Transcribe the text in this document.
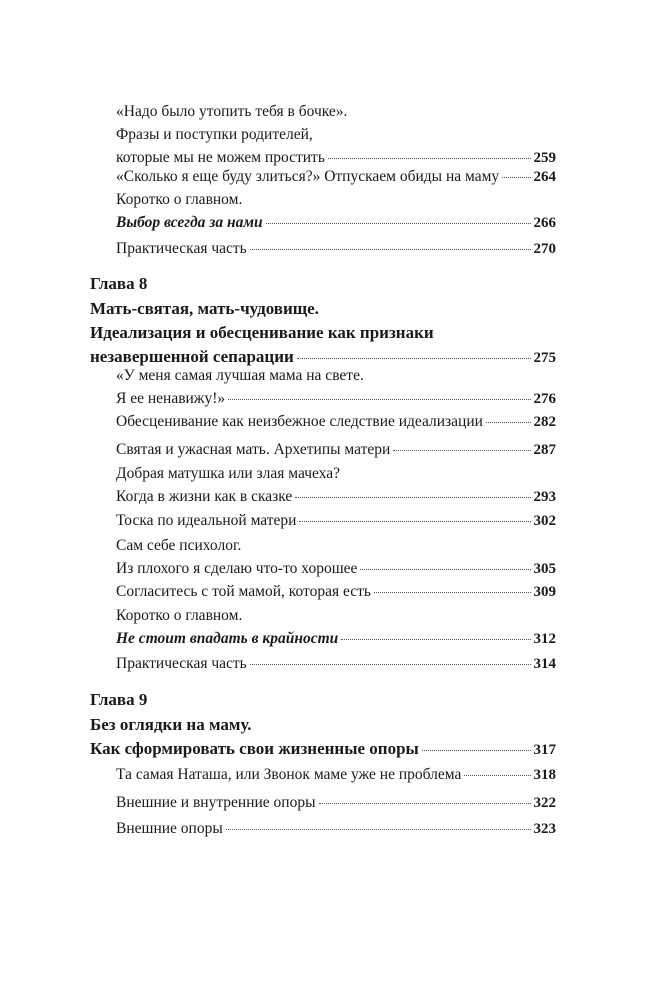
«Надо было утопить тебя в бочке».
Фразы и поступки родителей,
которые мы не можем простить	259
«Сколько я еще буду злиться?» Отпускаем обиды на маму 264
Коротко о главном.
Выбор всегда за нами	266
Практическая часть	270
Глава 8
Мать-святая, мать-чудовище.
Идеализация и обесценивание как признаки
незавершенной сепарации	275
«У меня самая лучшая мама на свете.
Я ее ненавижу!»	276
Обесценивание как неизбежное следствие идеализации	282
Святая и ужасная мать. Архетипы матери	287
Добрая матушка или злая мачеха?
Когда в жизни как в сказке	293
Тоска по идеальной матери	302
Сам себе психолог.
Из плохого я сделаю что-то хорошее	305
Согласитесь с той мамой, которая есть	309
Коротко о главном.
Не стоит впадать в крайности	312
Практическая часть	314
Глава 9
Без оглядки на маму.
Как сформировать свои жизненные опоры	317
Та самая Наташа, или Звонок маме уже не проблема	318
Внешние и внутренние опоры	322
Внешние опоры	323
